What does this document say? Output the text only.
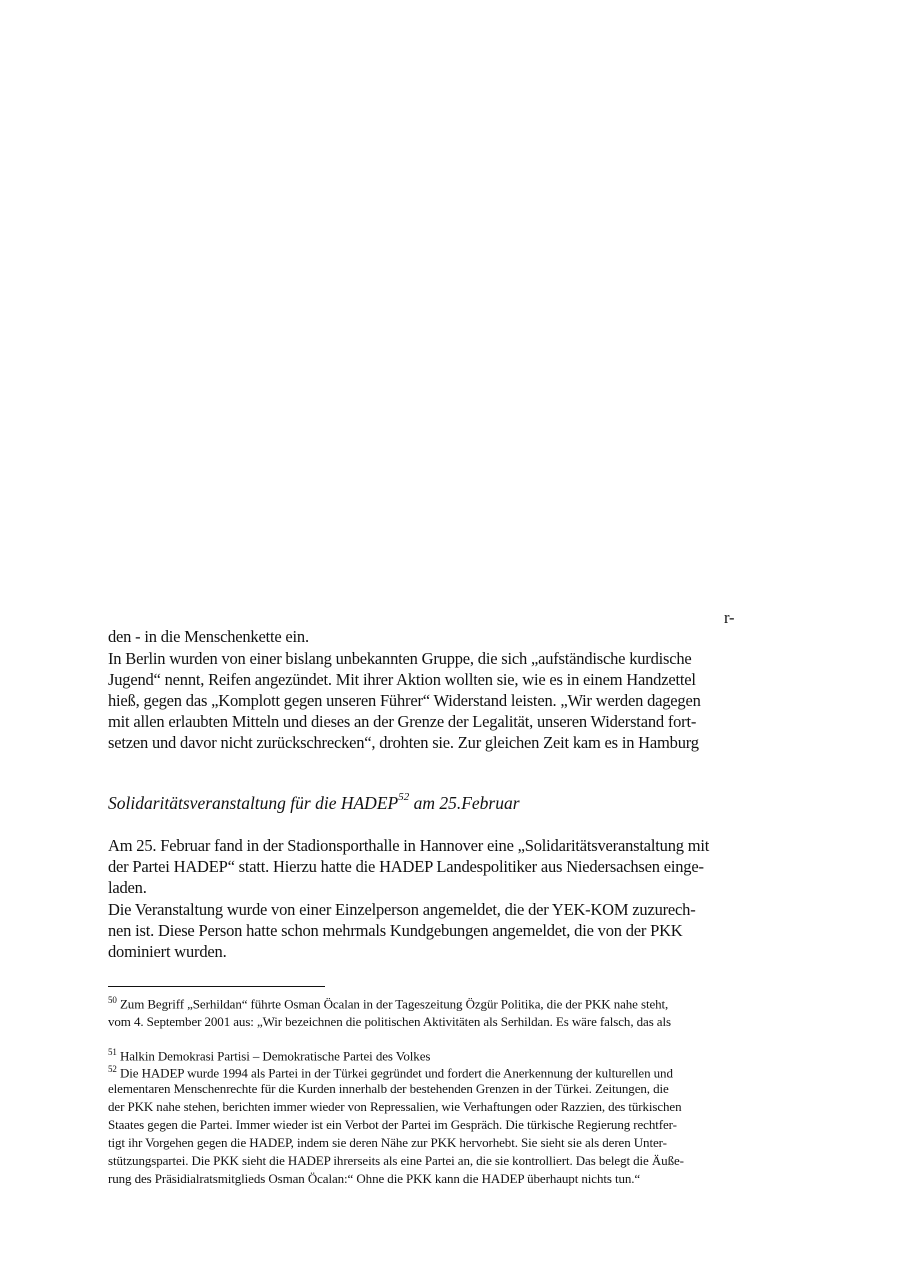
r-
den - in die Menschenkette ein.
In Berlin wurden von einer bislang unbekannten Gruppe, die sich „aufständische kurdische
Jugend“ nennt, Reifen angezündet. Mit ihrer Aktion wollten sie, wie es in einem Handzettel
hieß, gegen das „Komplott gegen unseren Führer“ Widerstand leisten. „Wir werden dagegen
mit allen erlaubten Mitteln und dieses an der Grenze der Legalität, unseren Widerstand fort-
setzen und davor nicht zurückschrecken“, drohten sie. Zur gleichen Zeit kam es in Hamburg
Solidaritätsveranstaltung für die HADEP$^{52}$ am 25.Februar
Am 25. Februar fand in der Stadionsporthalle in Hannover eine „Solidaritätsveranstaltung mit
der Partei HADEP“ statt. Hierzu hatte die HADEP Landespolitiker aus Niedersachsen einge-
laden.
Die Veranstaltung wurde von einer Einzelperson angemeldet, die der YEK-KOM zuzurech-
nen ist. Diese Person hatte schon mehrmals Kundgebungen angemeldet, die von der PKK
dominiert wurden.
$^{50}$ Zum Begriff „Serhildan“ führte Osman Öcalan in der Tageszeitung Özgür Politika, die der PKK nahe steht,
vom 4. September 2001 aus: „Wir bezeichnen die politischen Aktivitäten als Serhildan. Es wäre falsch, das als
$^{51}$ Halkin Demokrasi Partisi – Demokratische Partei des Volkes
$^{52}$ Die HADEP wurde 1994 als Partei in der Türkei gegründet und fordert die Anerkennung der kulturellen und
elementaren Menschenrechte für die Kurden innerhalb der bestehenden Grenzen in der Türkei. Zeitungen, die
der PKK nahe stehen, berichten immer wieder von Repressalien, wie Verhaftungen oder Razzien, des türkischen
Staates gegen die Partei. Immer wieder ist ein Verbot der Partei im Gespräch. Die türkische Regierung rechtfer-
tigt ihr Vorgehen gegen die HADEP, indem sie deren Nähe zur PKK hervorhebt. Sie sieht sie als deren Unter-
stützungspartei. Die PKK sieht die HADEP ihrerseits als eine Partei an, die sie kontrolliert. Das belegt die Äuße-
rung des Präsidialratsmitglieds Osman Öcalan:“ Ohne die PKK kann die HADEP überhaupt nichts tun.“
